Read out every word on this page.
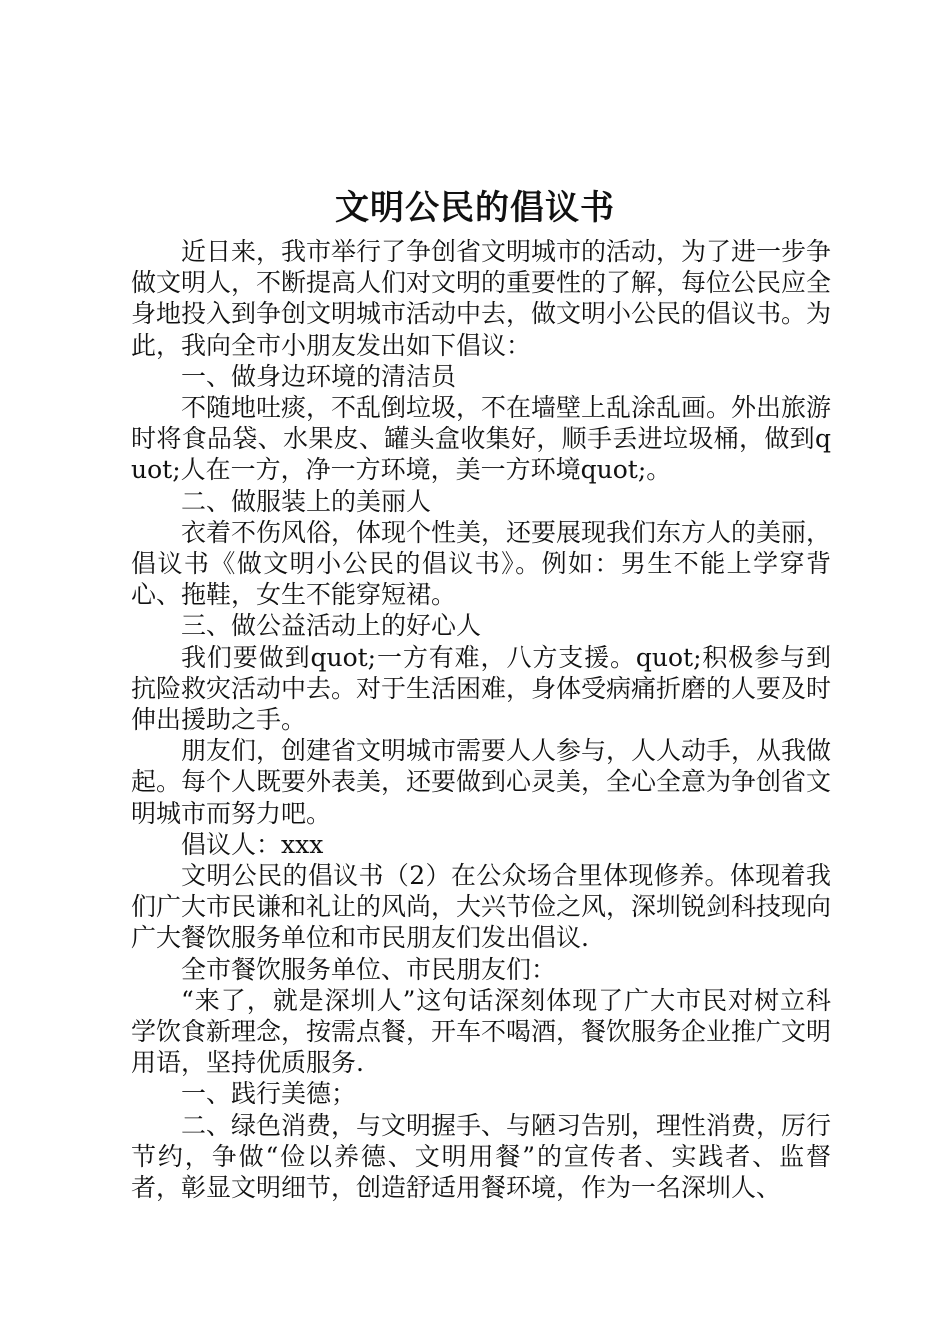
文明公民的倡议书

近日来，我市举行了争创省文明城市的活动，为了进一步争做文明人，不断提高人们对文明的重要性的了解，每位公民应全身地投入到争创文明城市活动中去，做文明小公民的倡议书。为此，我向全市小朋友发出如下倡议：

一、做身边环境的清洁员

不随地吐痰，不乱倒垃圾，不在墙壁上乱涂乱画。外出旅游时将食品袋、水果皮、罐头盒收集好，顺手丢进垃圾桶，做到quot;人在一方，净一方环境，美一方环境quot;。

二、做服装上的美丽人

衣着不伤风俗，体现个性美，还要展现我们东方人的美丽，倡议书《做文明小公民的倡议书》。例如：男生不能上学穿背心、拖鞋，女生不能穿短裙。

三、做公益活动上的好心人

我们要做到quot;一方有难，八方支援。quot;积极参与到抗险救灾活动中去。对于生活困难，身体受病痛折磨的人要及时伸出援助之手。

朋友们，创建省文明城市需要人人参与，人人动手，从我做起。每个人既要外表美，还要做到心灵美，全心全意为争创省文明城市而努力吧。

倡议人：xxx

文明公民的倡议书（2）在公众场合里体现修养。体现着我们广大市民谦和礼让的风尚，大兴节俭之风，深圳锐剑科技现向广大餐饮服务单位和市民朋友们发出倡议.

全市餐饮服务单位、市民朋友们：

“来了，就是深圳人”这句话深刻体现了广大市民对树立科学饮食新理念，按需点餐，开车不喝酒，餐饮服务企业推广文明用语，坚持优质服务.

一、践行美德；

二、绿色消费，与文明握手、与陋习告别，理性消费，厉行节约，争做“俭以养德、文明用餐”的宣传者、实践者、监督者，彰显文明细节，创造舒适用餐环境，作为一名深圳人、
